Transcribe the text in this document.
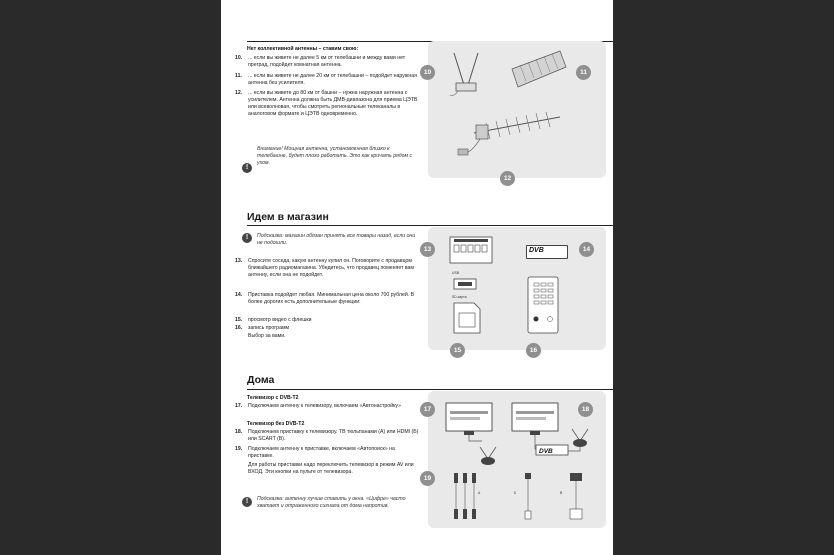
Нет коллективной антенны – ставим свою:
10. ... если вы живете не далее 5 км от телебашни и между вами нет преград, подойдет комнатная антенна.
11. ... если вы живете не далее 20 км от телебашни – подойдет наружная антенна без усилителя.
12. ... если вы живете до 80 км от башни – нужна наружная антенна с усилителем. Антенна должна быть ДМВ-диапазона для приема ЦЭТВ или всеволновая, чтобы смотреть региональные телеканалы в аналоговом формате и ЦЭТВ одновременно.
!
Внимание! Мощная антенна, установленная близко к телебашне, будет плохо работать. Это как кричать рядом с ухом.
10	11
12
Идем в магазин
!	Подсказка: магазин обязан принять все товары назад, если они не подошли.
13. Спросите соседа, какую антенну купил он. Поговорите с продавцом ближайшего радиомагазина. Убедитесь, что продавец поменяет вам антенну, если она не подойдет.
14. Приставка подойдет любая. Минимальная цена около 700 рублей. В более дорогих есть дополнительные функции:
15. просмотр видео с флешки
16. запись программ
Выбор за вами.
13	14
15	16
DVB
USB
SD-карта
Дома
Телевизор с DVB-T2
17. Подключаем антенну к телевизору, включаем «Автонастройку»
Телевизор без DVB-T2
18. Подключаем приставку к телевизору. ТВ тюльпанами (A) или HDMI (Б) или SCART (В).
19. Подключаем антенну к приставке, включаем «Автопоиск» на приставке.
Для работы приставки надо переключить телевизор в режим AV или ВХОД. Эти кнопки на пульте от телевизора.
!	Подсказка: антенну лучше ставить у окна. «Цифре» часто хватает и отраженного сигнала от дома напротив.
17	18
19
DVB
А	Б	В
